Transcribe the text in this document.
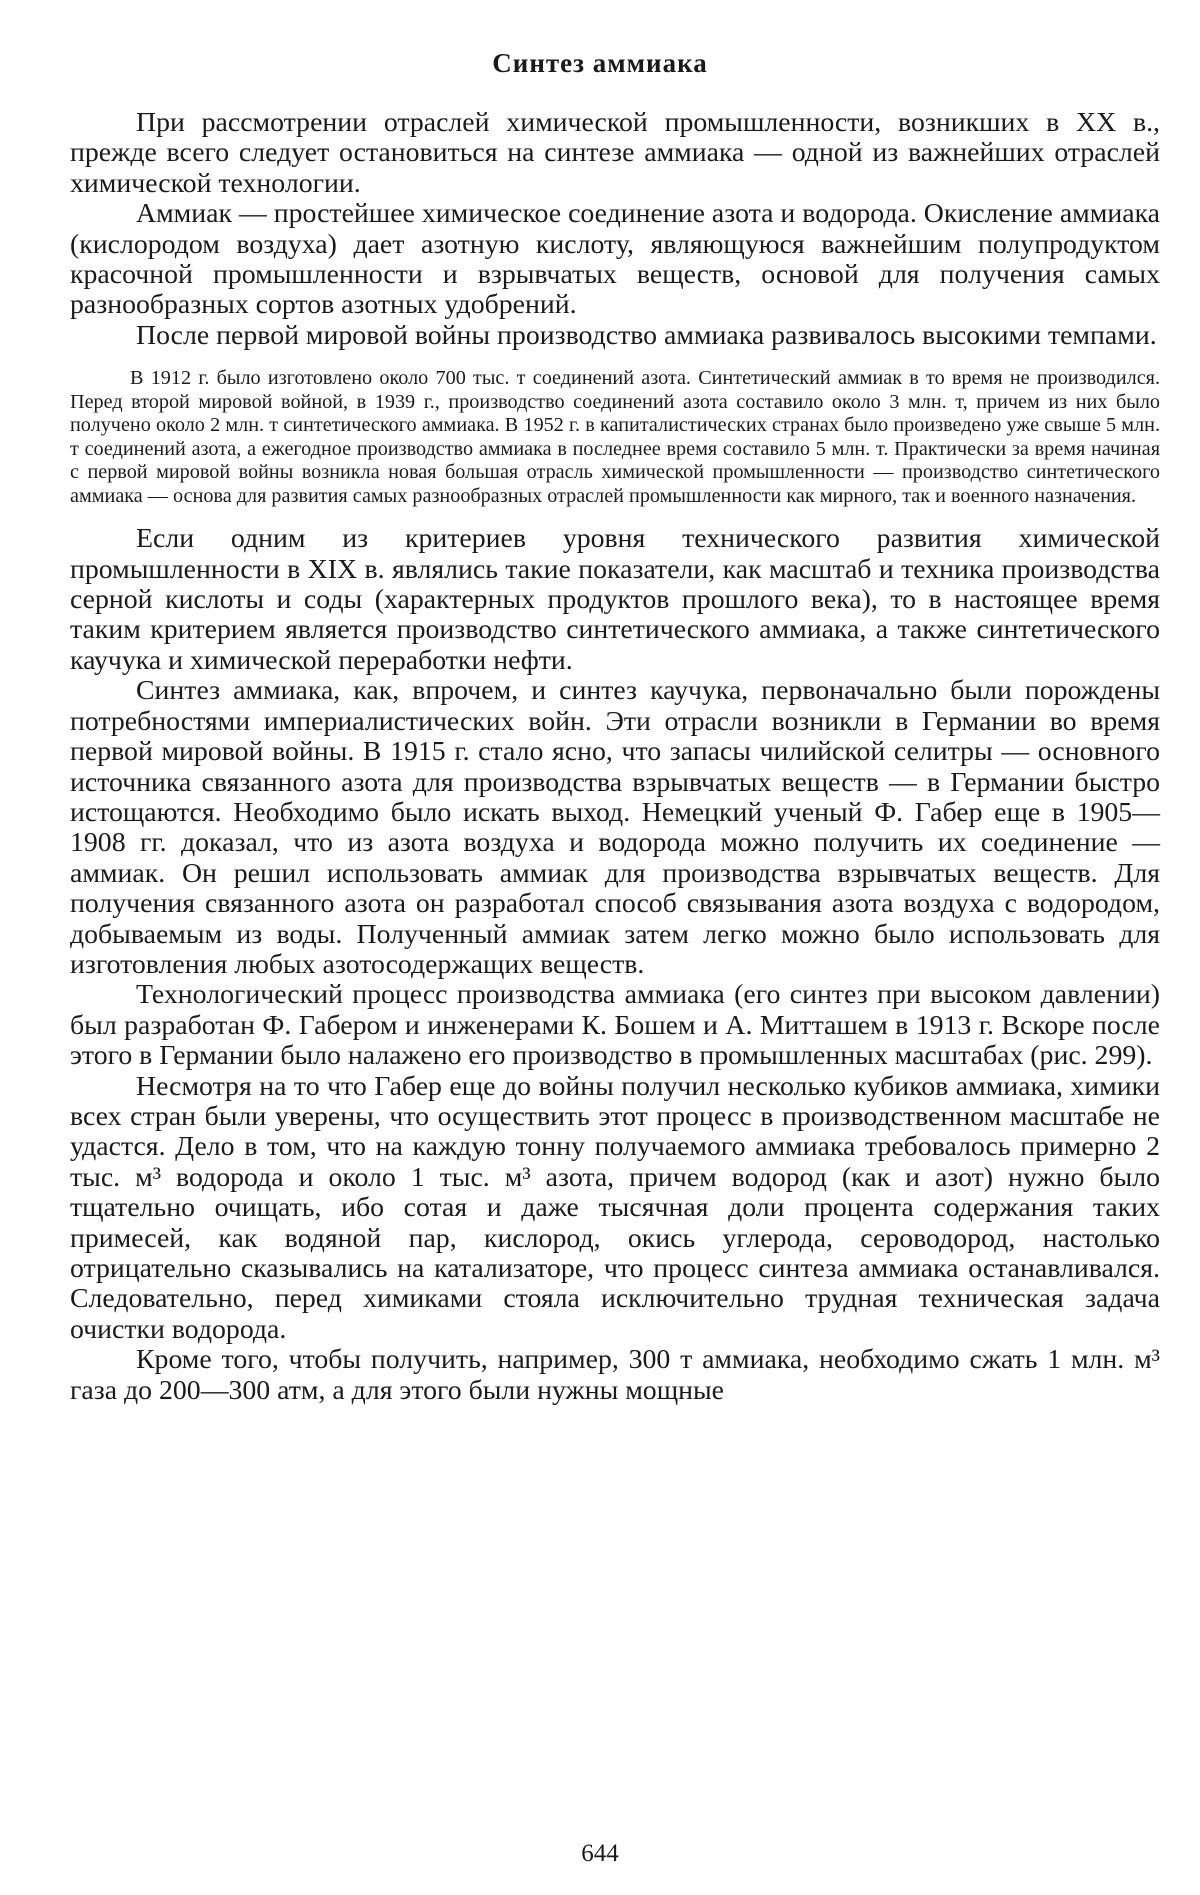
Синтез аммиака

При рассмотрении отраслей химической промышленности, возникших в XX в., прежде всего следует остановиться на синтезе аммиака — одной из важнейших отраслей химической технологии.

Аммиак — простейшее химическое соединение азота и водорода. Окисление аммиака (кислородом воздуха) дает азотную кислоту, являющуюся важнейшим полупродуктом красочной промышленности и взрывчатых веществ, основой для получения самых разнообразных сортов азотных удобрений.

После первой мировой войны производство аммиака развивалось высокими темпами.

В 1912 г. было изготовлено около 700 тыс. т соединений азота. Синтетический аммиак в то время не производился. Перед второй мировой войной, в 1939 г., производство соединений азота составило около 3 млн. т, причем из них было получено около 2 млн. т синтетического аммиака. В 1952 г. в капиталистических странах было произведено уже свыше 5 млн. т соединений азота, а ежегодное производство аммиака в последнее время составило 5 млн. т. Практически за время начиная с первой мировой войны возникла новая большая отрасль химической промышленности — производство синтетического аммиака — основа для развития самых разнообразных отраслей промышленности как мирного, так и военного назначения.

Если одним из критериев уровня технического развития химической промышленности в XIX в. являлись такие показатели, как масштаб и техника производства серной кислоты и соды (характерных продуктов прошлого века), то в настоящее время таким критерием является производство синтетического аммиака, а также синтетического каучука и химической переработки нефти.

Синтез аммиака, как, впрочем, и синтез каучука, первоначально были порождены потребностями империалистических войн. Эти отрасли возникли в Германии во время первой мировой войны. В 1915 г. стало ясно, что запасы чилийской селитры — основного источника связанного азота для производства взрывчатых веществ — в Германии быстро истощаются. Необходимо было искать выход. Немецкий ученый Ф. Габер еще в 1905—1908 гг. доказал, что из азота воздуха и водорода можно получить их соединение — аммиак. Он решил использовать аммиак для производства взрывчатых веществ. Для получения связанного азота он разработал способ связывания азота воздуха с водородом, добываемым из воды. Полученный аммиак затем легко можно было использовать для изготовления любых азотосодержащих веществ.

Технологический процесс производства аммиака (его синтез при высоком давлении) был разработан Ф. Габером и инженерами К. Бошем и А. Митташем в 1913 г. Вскоре после этого в Германии было налажено его производство в промышленных масштабах (рис. 299).

Несмотря на то что Габер еще до войны получил несколько кубиков аммиака, химики всех стран были уверены, что осуществить этот процесс в производственном масштабе не удастся. Дело в том, что на каждую тонну получаемого аммиака требовалось примерно 2 тыс. м³ водорода и около 1 тыс. м³ азота, причем водород (как и азот) нужно было тщательно очищать, ибо сотая и даже тысячная доли процента содержания таких примесей, как водяной пар, кислород, окись углерода, сероводород, настолько отрицательно сказывались на катализаторе, что процесс синтеза аммиака останавливался. Следовательно, перед химиками стояла исключительно трудная техническая задача очистки водорода.

Кроме того, чтобы получить, например, 300 т аммиака, необходимо сжать 1 млн. м³ газа до 200—300 атм, а для этого были нужны мощные

644
